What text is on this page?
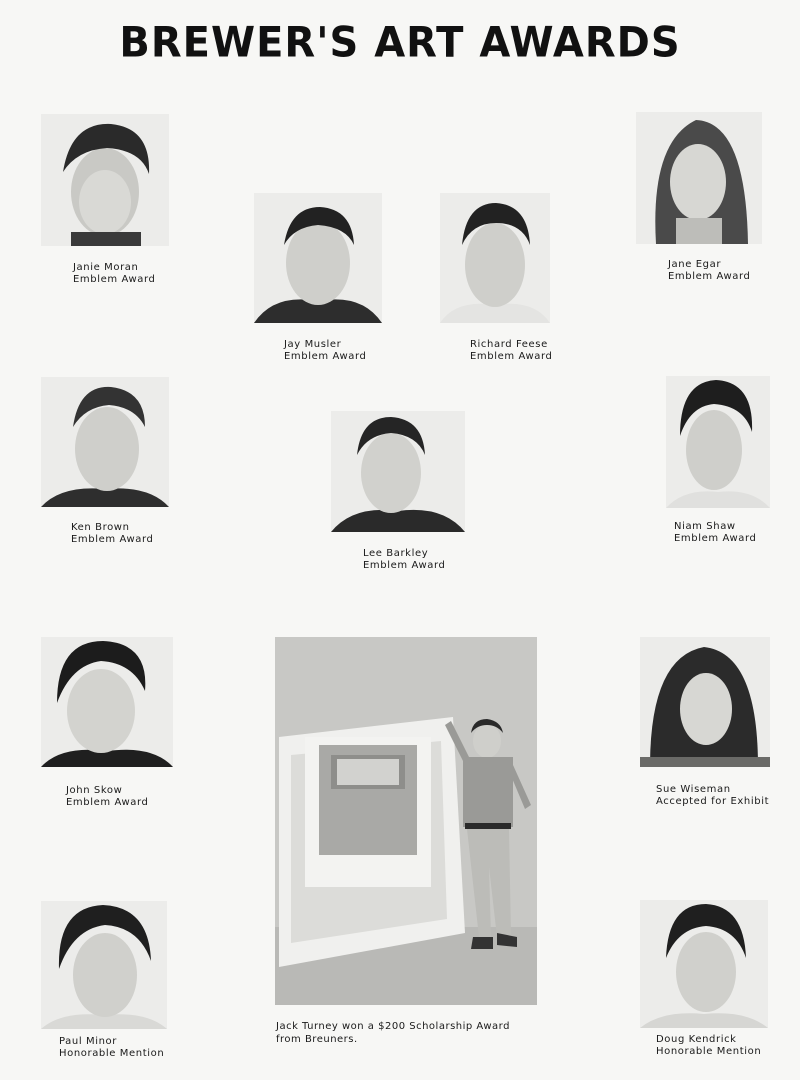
BREWER'S ART AWARDS
Janie Moran
Emblem Award
Jay Musler
Emblem Award
Richard Feese
Emblem Award
Jane Egar
Emblem Award
Ken Brown
Emblem Award
Lee Barkley
Emblem Award
Niam Shaw
Emblem Award
John Skow
Emblem Award
Jack Turney won a $200 Scholarship Award from Breuners.
Sue Wiseman
Accepted for Exhibit
Paul Minor
Honorable Mention
Doug Kendrick
Honorable Mention
